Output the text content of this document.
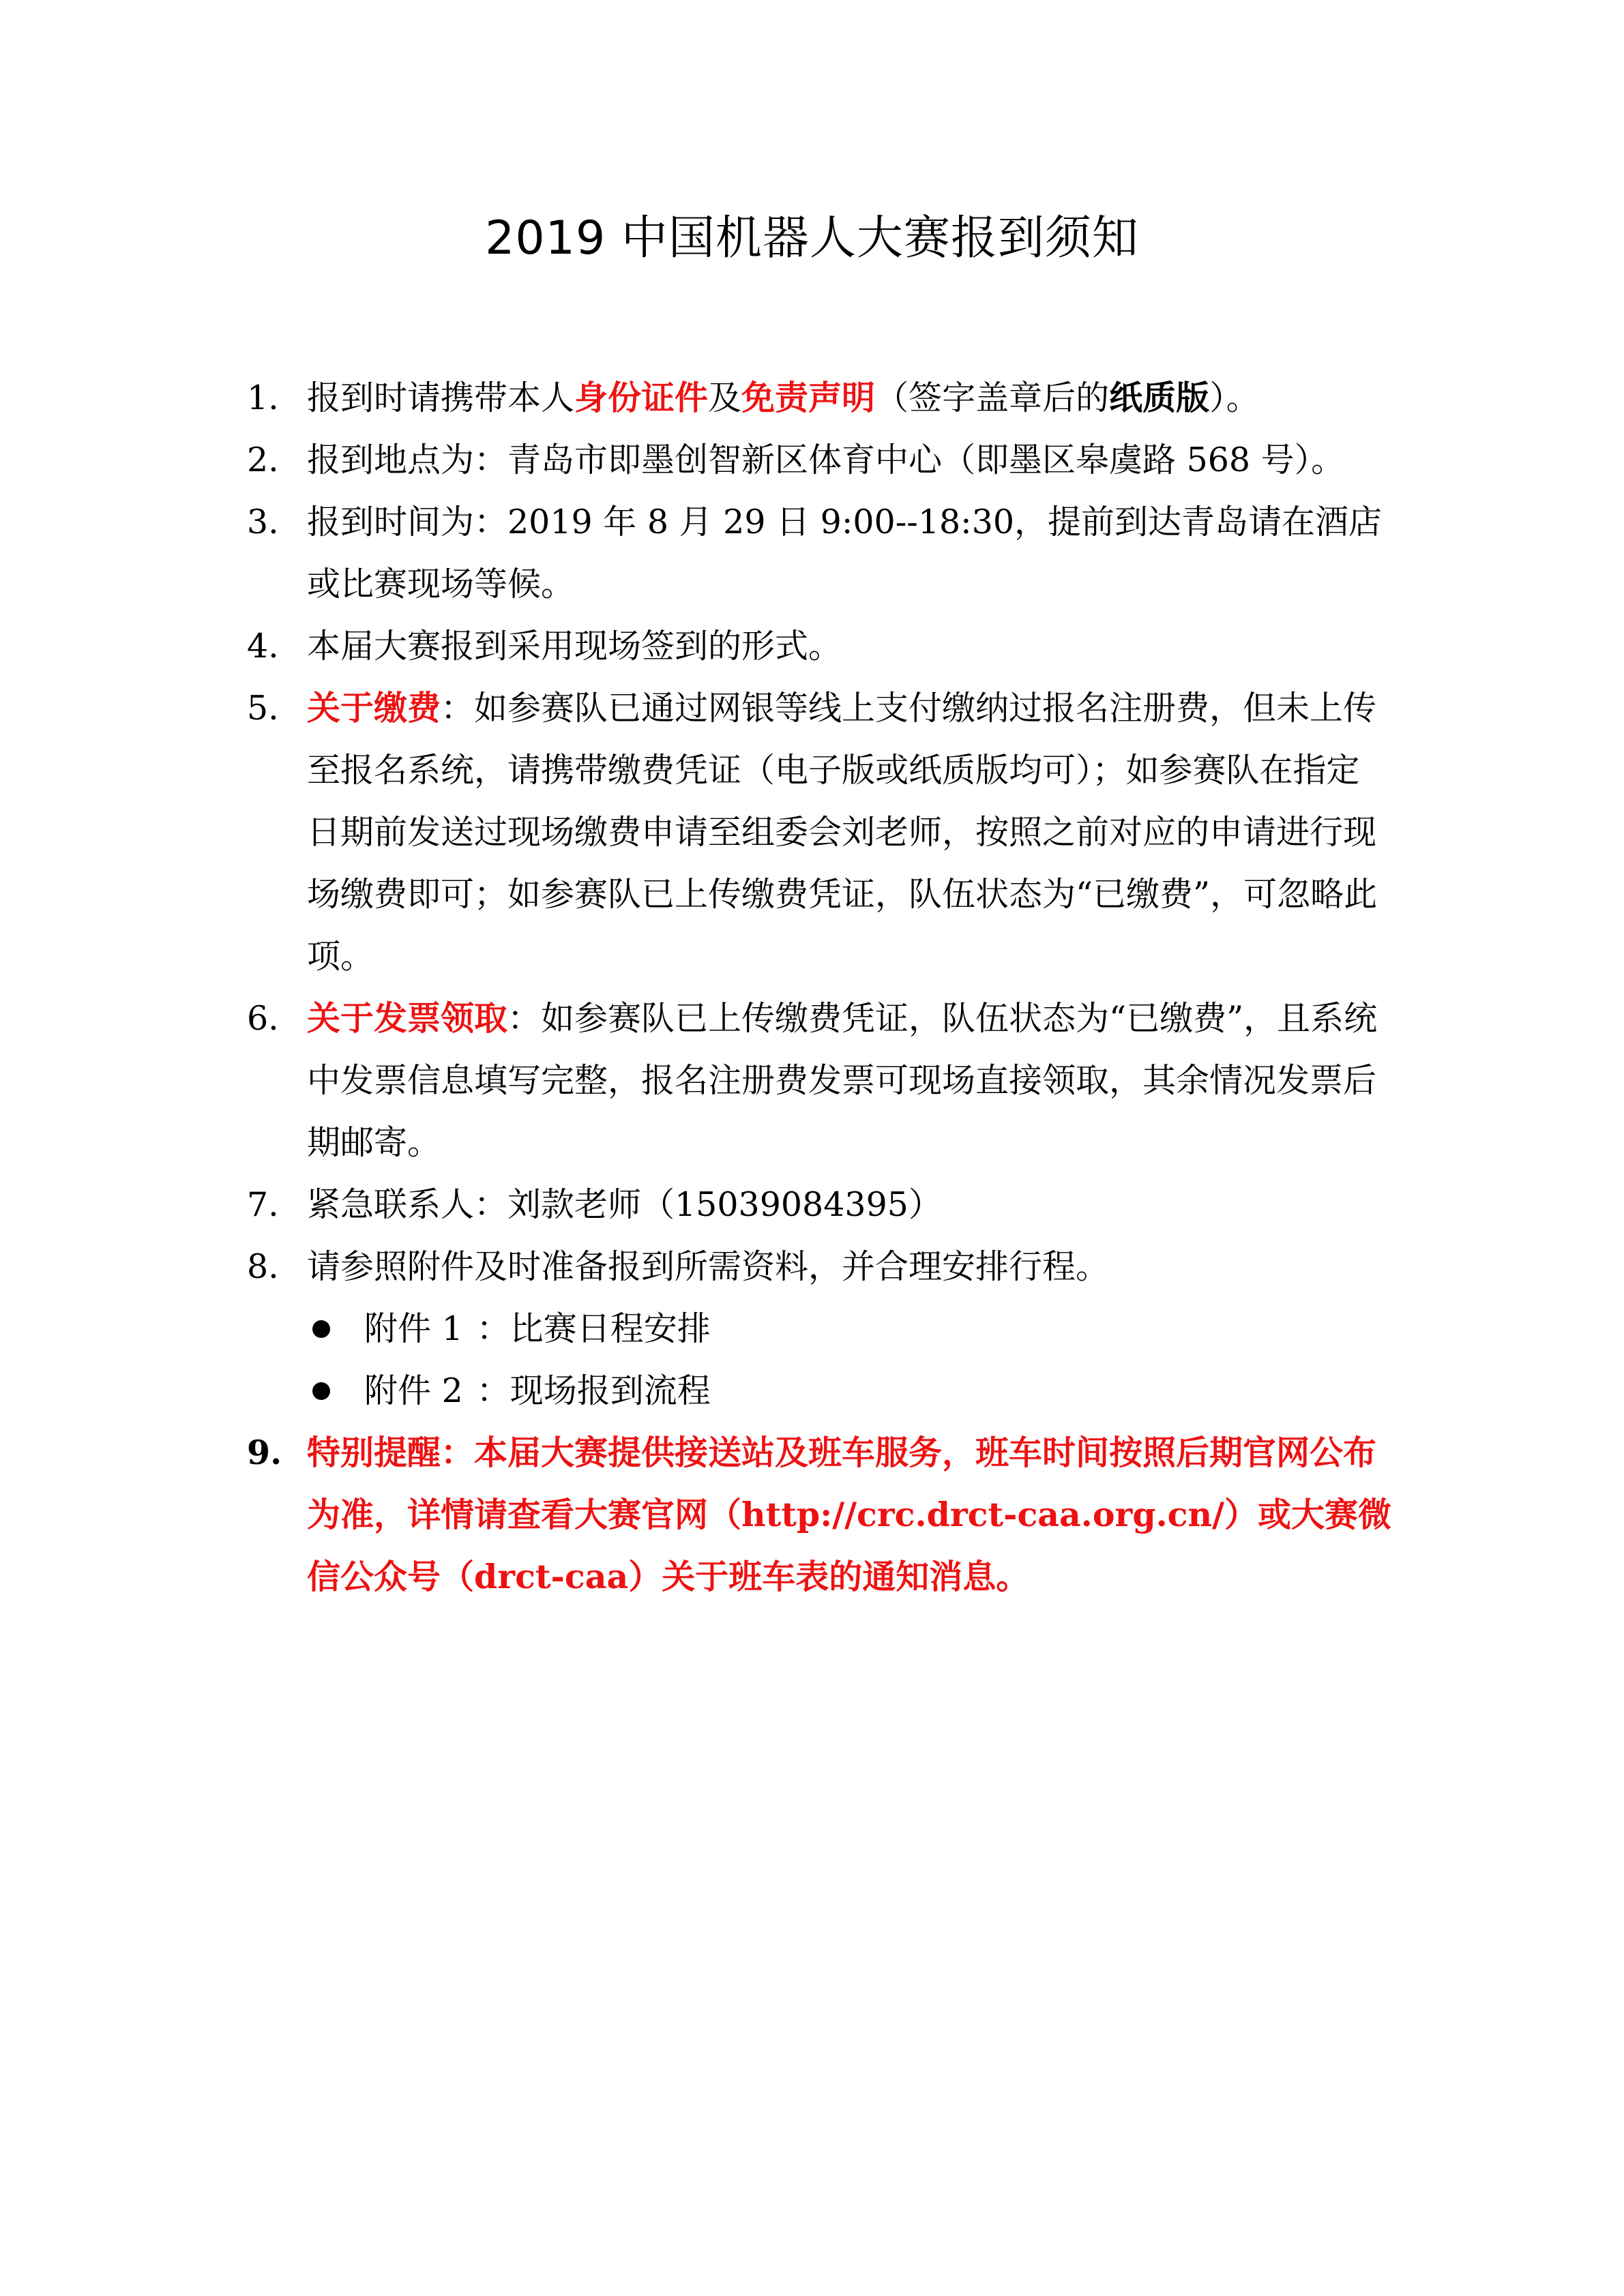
2019 中国机器人大赛报到须知
1. 报到时请携带本人身份证件及免责声明（签字盖章后的纸质版）。
2. 报到地点为：青岛市即墨创智新区体育中心（即墨区皋虞路 568 号）。
3. 报到时间为：2019 年 8 月 29 日 9:00--18:30，提前到达青岛请在酒店或比赛现场等候。
4. 本届大赛报到采用现场签到的形式。
5. 关于缴费：如参赛队已通过网银等线上支付缴纳过报名注册费，但未上传至报名系统，请携带缴费凭证（电子版或纸质版均可）；如参赛队在指定日期前发送过现场缴费申请至组委会刘老师，按照之前对应的申请进行现场缴费即可；如参赛队已上传缴费凭证，队伍状态为“已缴费”，可忽略此项。
6. 关于发票领取：如参赛队已上传缴费凭证，队伍状态为“已缴费”，且系统中发票信息填写完整，报名注册费发票可现场直接领取，其余情况发票后期邮寄。
7. 紧急联系人：刘款老师（15039084395）
8. 请参照附件及时准备报到所需资料，并合理安排行程。
附件 1 ：比赛日程安排
附件 2 ：现场报到流程
9. 特别提醒：本届大赛提供接送站及班车服务，班车时间按照后期官网公布为准，详情请查看大赛官网（http://crc.drct-caa.org.cn/）或大赛微信公众号（drct-caa）关于班车表的通知消息。
